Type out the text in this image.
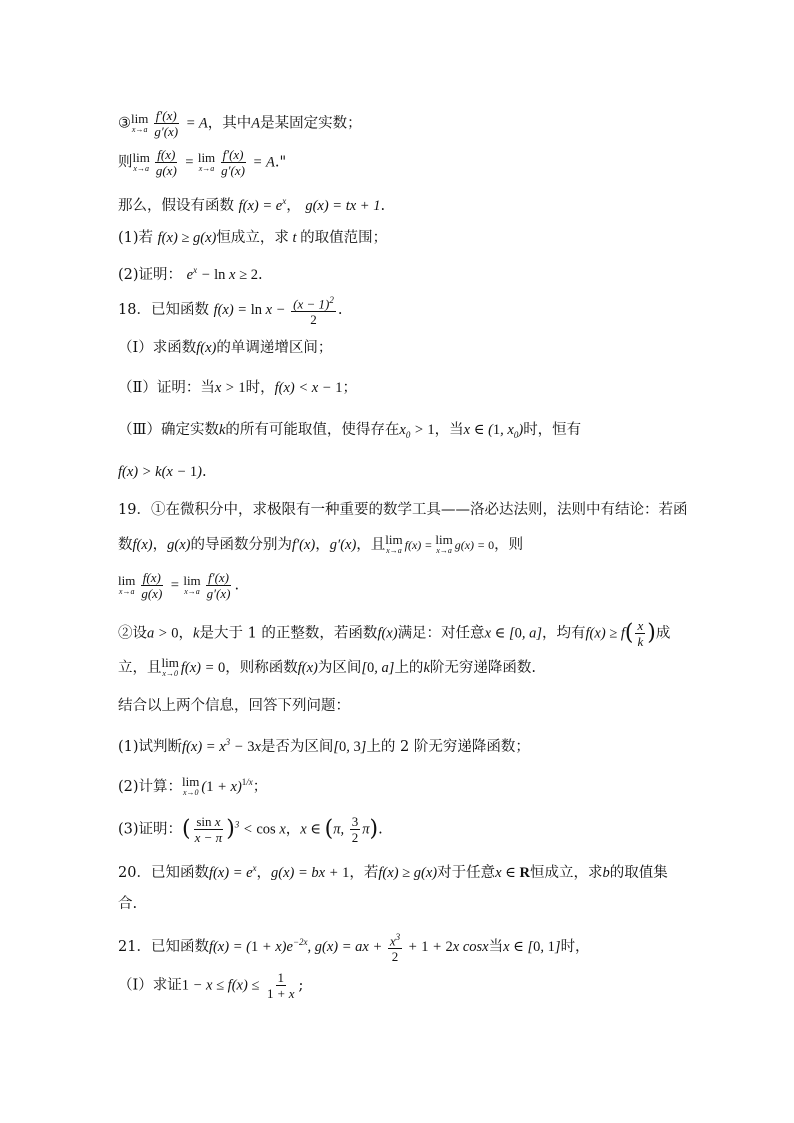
③ lim
$x\to a \frac{f'(x)}{g'(x)} = A$，其中A是某固定实数；
则 lim
$x\to a \frac{f(x)}{g(x)} = \lim$
$x\to a \frac{f'(x)}{g'(x)} = A$."
那么，假设有函数 $f(x) = e^x$， g(x) = tx + 1.
(1)若 f(x) ≥ g(x)恒成立，求 t 的取值范围；
(2)证明： $e^x - \ln x \ge 2$.
18．已知函数 $f(x) = \ln x - \frac{(x - 1)^2}{2}$ .
（Ⅰ）求函数f(x)的单调递增区间；
（Ⅱ）证明：当x > 1时，f(x) < x − 1；
（Ⅲ）确定实数k的所有可能取值，使得存在$x_0 > 1$，当x ∈ (1, $x_0$)时，恒有
f(x) > k(x − 1).
19．①在微积分中，求极限有一种重要的数学工具——洛必达法则，法则中有结论：若函
数f(x)，g(x)的导函数分别为f′(x)，g′(x)，且 lim
x→a f(x) = lim
x→a g(x) = 0，则
lim
$x\to a \frac{f(x)}{g(x)} = \lim$
$x\to a \frac{f'(x)}{g'(x)}$ .
②设a > 0，k是大于 1 的正整数，若函数f(x)满足：对任意x ∈ [0, a]，均有$f(x) \ge f( \frac{x}{k}$ )成
立，且 lim
x→0 f(x) = 0，则称函数f(x)为区间[0, a]上的k阶无穷递降函数.
结合以上两个信息，回答下列问题：
(1)试判断$f(x) = x^3 - 3x$是否为区间[0, 3]上的 2 阶无穷递降函数；
(2)计算： lim
x→0 $(1 + x)^{1/x}$；
(3)证明：( $\frac{\text{sin x}}{x - \pi} )^3 < \cos x$，x ∈ (π, $\frac{3}{2} \pi$).
20．已知函数$f(x) = e^x$，g(x) = bx + 1，若f(x) ≥ g(x)对于任意x ∈ R恒成立，求b的取值集
合.
21．已知函数$f(x) = (1 + x)e^{-2x}$, g(x) = ax + $\frac{x^3}{2} + 1 + 2x$ cosx当x ∈ [0, 1]时，
（I）求证$1 - x \le f(x) \le \frac{1}{1 + x}$ ;
